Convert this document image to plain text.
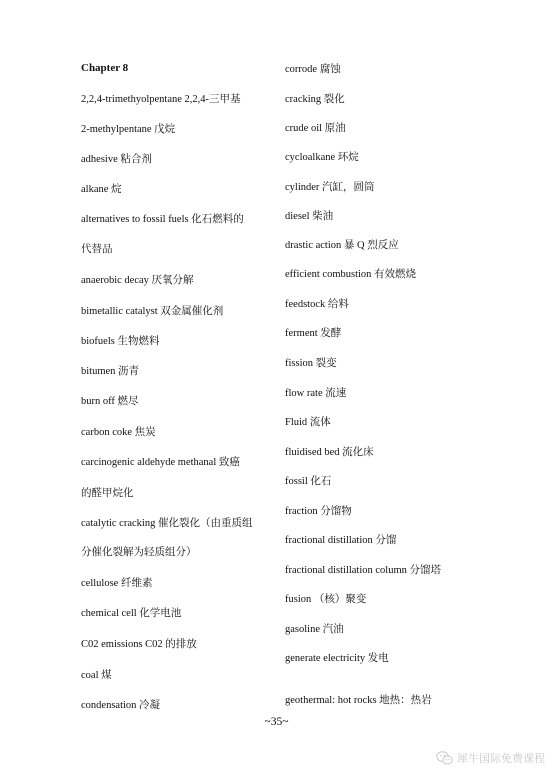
Chapter 8
2,2,4-trimethyolpentane 2,2,4-三甲基
2-methylpentane 戊烷
adhesive 粘合剂
alkane 烷
alternatives to fossil fuels 化石燃料的
代替品
anaerobic decay 厌氧分解
bimetallic catalyst 双金属催化剂
biofuels 生物燃料
bitumen 沥青
burn off 燃尽
carbon coke 焦炭
carcinogenic aldehyde methanal 致癌
的醛甲烷化
catalytic cracking 催化裂化（由重质组
分催化裂解为轻质组分）
cellulose 纤维素
chemical cell 化学电池
C02 emissions C02 的排放
coal 煤
condensation 冷凝
corrode 腐蚀
cracking 裂化
crude oil 原油
cycloalkane 环烷
cylinder 汽缸，圆筒
diesel 柴油
drastic action 暴 Q 烈反应
efficient combustion 有效燃烧
feedstock 给料
ferment 发酵
fission 裂变
flow rate 流速
Fluid 流体
fluidised bed 流化床
fossil 化石
fraction 分馏物
fractional distillation 分馏
fractional distillation column 分馏塔
fusion （核）聚变
gasoline 汽油
generate electricity 发电
geothermal: hot rocks 地热：热岩
~35~
犀牛国际免费课程
